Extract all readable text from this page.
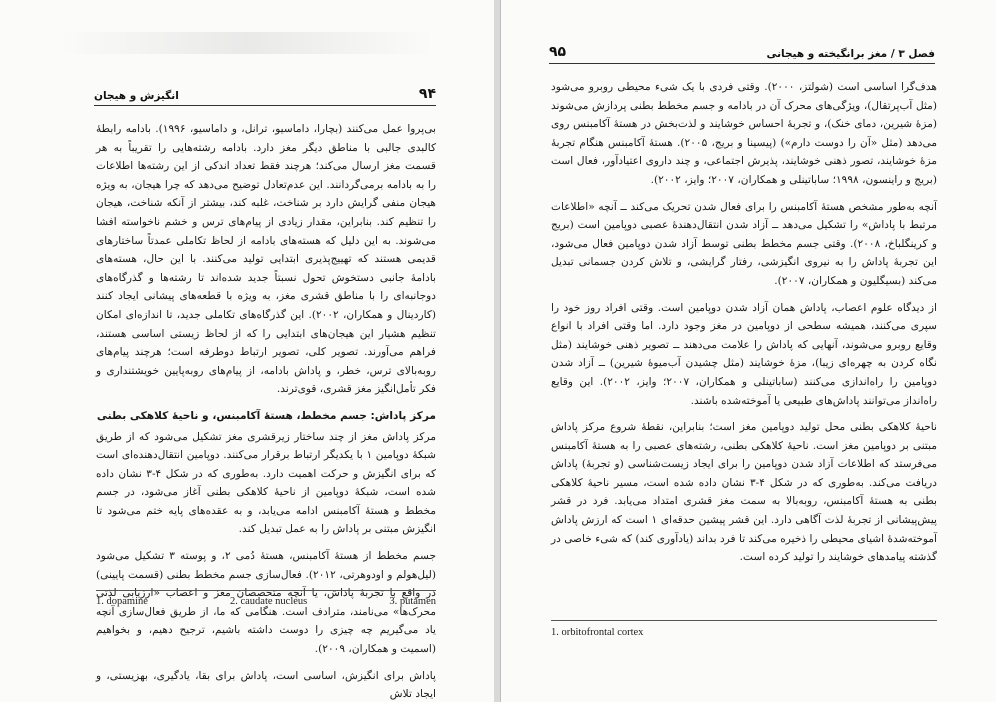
انگیزش و هیجان	۹۴

بی‌پروا عمل می‌کنند (بچارا، داماسیو، ترانل، و داماسیو، ۱۹۹۶). بادامه رابطهٔ کالبدی جالبی با مناطق دیگر مغز دارد. بادامه رشته‌هایی را تقریباً به هر قسمت مغز ارسال می‌کند؛ هرچند فقط تعداد اندکی از این رشته‌ها اطلاعات را به بادامه برمی‌گردانند. این عدم‌تعادل توضیح می‌دهد که چرا هیجان، به ویژه هیجان منفی گرایش دارد بر شناخت، غلبه کند، بیشتر از آنکه شناخت، هیجان را تنظیم کند. بنابراین، مقدار زیادی از پیام‌های ترس و خشم ناخواسته افشا می‌شوند. به این دلیل که هسته‌های بادامه از لحاظ تکاملی عمدتاً ساختارهای قدیمی هستند که تهییج‌پذیری ابتدایی تولید می‌کنند. با این حال، هسته‌های بادامهٔ جانبی دستخوش تحول نسبتاً جدید شده‌اند تا رشته‌ها و گذرگاه‌های دوجانبه‌ای را با مناطق قشری مغز، به ویژه با قطعه‌های پیشانی ایجاد کنند (کاردینال و همکاران، ۲۰۰۲). این گذرگاه‌های تکاملی جدید، تا اندازه‌ای امکان تنظیم هشیار این هیجان‌های ابتدایی را که از لحاظ زیستی اساسی هستند، فراهم می‌آورند. تصویر کلی، تصویر ارتباط دوطرفه است؛ هرچند پیام‌های رو‌به‌بالای ترس، خطر، و پاداش بادامه، از پیام‌های رو‌به‌پایین خویشتنداری و فکر تأمل‌انگیز مغز قشری، قوی‌ترند.

مرکز پاداش: جسم مخطط، هستهٔ آکامبنس، و ناحیهٔ کلاهکی بطنی

مرکز پاداش مغز از چند ساختار زیرقشری مغز تشکیل می‌شود که از طریق شبکهٔ دوپامین ۱ با یکدیگر ارتباط برقرار می‌کنند. دوپامین انتقال‌دهنده‌ای است که برای انگیزش و حرکت اهمیت دارد. به‌طوری که در شکل ۴-۳ نشان داده شده است، شبکهٔ دوپامین از ناحیهٔ کلاهکی بطنی آغاز می‌شود، در جسم مخطط و هستهٔ آکامبنس ادامه می‌یابد، و به عقده‌های پایه ختم می‌شود تا انگیزش مبتنی بر پاداش را به عمل تبدیل کند.

جسم مخطط از هستهٔ آکامبنس، هستهٔ دُمی ۲، و پوسته ۳ تشکیل می‌شود (لیل‌هولم و اودوهرتی، ۲۰۱۲). فعال‌سازی جسم مخطط بطنی (قسمت پایینی) در واقع با تجربهٔ پاداش، یا آنچه متخصصان مغز و اعصاب «ارزیابی لذتی محرک‌ها» می‌نامند، مترادف است. هنگامی که ما، از طریق فعال‌سازی آنچه یاد می‌گیریم چه چیزی را دوست داشته باشیم، ترجیح دهیم، و بخواهیم (اسمیت و همکاران، ۲۰۰۹).

پاداش برای انگیزش، اساسی است، پاداش برای بقا، یادگیری، بهزیستی، و ایجاد تلاش

1. dopamine	2. caudate nucleus	3. putamen
۹۵	فصل ۳ / مغز برانگیخته و هیجانی

هدف‌گرا اساسی است (شولتز، ۲۰۰۰). وقتی فردی با یک شیء محیطی روبرو می‌شود (مثل آب‌پرتقال)، ویژگی‌های محرک آن در بادامه و جسم مخطط بطنی پردازش می‌شوند (مزهٔ شیرین، دمای خنک)، و تجربهٔ احساس خوشایند و لذت‌بخش در هستهٔ آکامبنس روی می‌دهد (مثل «آن را دوست دارم») (پیسینا و بریج، ۲۰۰۵). هستهٔ آکامبنس هنگام تجربهٔ مزهٔ خوشایند، تصور ذهنی خوشایند، پذیرش اجتماعی، و چند داروی اعتیادآور، فعال است (بریج و راینسون، ۱۹۹۸؛ ساباتینلی و همکاران، ۲۰۰۷؛ وایز، ۲۰۰۲).

آنچه به‌طور مشخص هستهٔ آکامبنس را برای فعال شدن تحریک می‌کند ــ آنچه «اطلاعات مرتبط با پاداش» را تشکیل می‌دهد ــ آزاد شدن انتقال‌دهندهٔ عصبی دوپامین است (بریج و کرینگلباخ، ۲۰۰۸). وقتی جسم مخطط بطنی توسط آزاد شدن دوپامین فعال می‌شود، این تجربهٔ پاداش را به نیروی انگیزشی، رفتار گرایشی، و تلاش کردن جسمانی تبدیل می‌کند (بسیگلیون و همکاران، ۲۰۰۷).

از دیدگاه علوم اعصاب، پاداش همان آزاد شدن دوپامین است. وقتی افراد روز خود را سپری می‌کنند، همیشه سطحی از دوپامین در مغز وجود دارد. اما وقتی افراد با انواع وقایع روبرو می‌شوند، آنهایی که پاداش را علامت می‌دهند ــ تصویر ذهنی خوشایند (مثل نگاه کردن به چهره‌ای زیبا)، مزهٔ خوشایند (مثل چشیدن آب‌میوهٔ شیرین) ــ آزاد شدن دوپامین را راه‌اندازی می‌کنند (ساباتینلی و همکاران، ۲۰۰۷؛ وایز، ۲۰۰۲). این وقایع راه‌انداز می‌توانند پاداش‌های طبیعی یا آموخته‌شده باشند.

ناحیهٔ کلاهکی بطنی محل تولید دوپامین مغز است؛ بنابراین، نقطهٔ شروع مرکز پاداش مبتنی بر دوپامین مغز است. ناحیهٔ کلاهکی بطنی، رشته‌های عصبی را به هستهٔ آکامبنس می‌فرستد که اطلاعات آزاد شدن دوپامین را برای ایجاد زیست‌شناسی (و تجربهٔ) پاداش دریافت می‌کند. به‌طوری که در شکل ۴-۳ نشان داده شده است، مسیر ناحیهٔ کلاهکی بطنی به هستهٔ آکامبنس، رو‌به‌بالا به سمت مغز قشری امتداد می‌یابد. فرد در قشر پیش‌پیشانی از تجربهٔ لذت آگاهی دارد. این قشر پیشین حدقه‌ای ۱ است که ارزش پاداش آموخته‌شدهٔ اشیای محیطی را ذخیره می‌کند تا فرد بداند (یادآوری کند) که شیء خاصی در گذشته پیامدهای خوشایند را تولید کرده است.

1. orbitofrontal cortex
